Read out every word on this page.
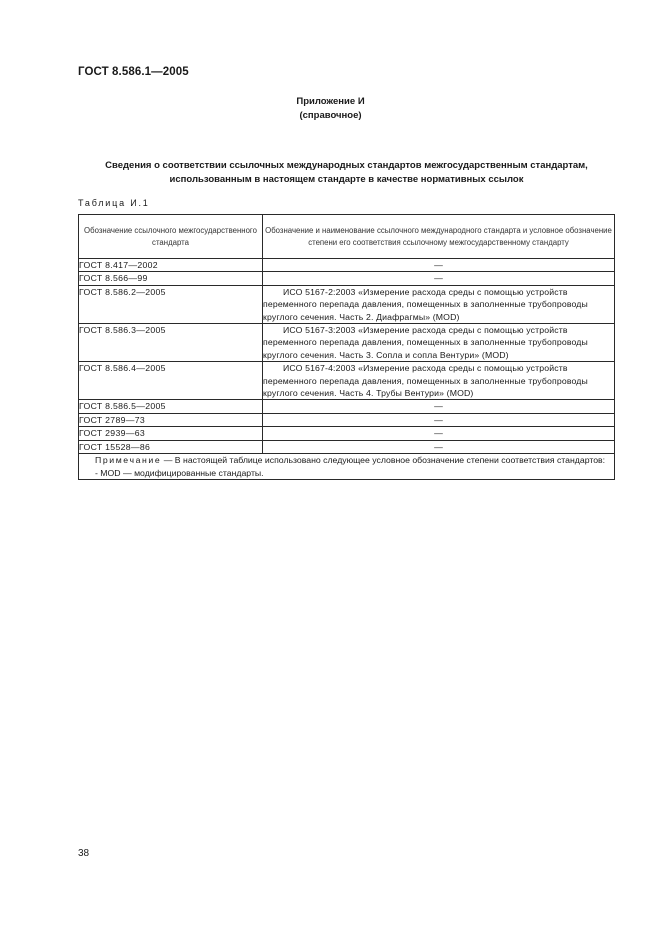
ГОСТ 8.586.1—2005
Приложение И
(справочное)
Сведения о соответствии ссылочных международных стандартов межгосударственным стандартам,
использованным в настоящем стандарте в качестве нормативных ссылок
Таблица И.1
Обозначение ссылочного межгосударственного стандарта	Обозначение и наименование ссылочного международного стандарта и условное обозначение степени его соответствия ссылочному межгосударственному стандарту
ГОСТ 8.417—2002	—
ГОСТ 8.566—99	—
ГОСТ 8.586.2—2005	ИСО 5167-2:2003 «Измерение расхода среды с помощью устройств переменного перепада давления, помещенных в заполненные трубопроводы круглого сечения. Часть 2. Диафрагмы» (MOD)

ГОСТ 8.586.3—2005	ИСО 5167-3:2003 «Измерение расхода среды с помощью устройств переменного перепада давления, помещенных в заполненные трубопроводы круглого сечения. Часть 3. Сопла и сопла Вентури» (MOD)

ГОСТ 8.586.4—2005	ИСО 5167-4:2003 «Измерение расхода среды с помощью устройств переменного перепада давления, помещенных в заполненные трубопроводы круглого сечения. Часть 4. Трубы Вентури» (MOD)

ГОСТ 8.586.5—2005	—
ГОСТ 2789—73	—
ГОСТ 2939—63	—
ГОСТ 15528—86	—
Примечание — В настоящей таблице использовано следующее условное обозначение степени соответствия стандартов:
- MOD — модифицированные стандарты.	
38
